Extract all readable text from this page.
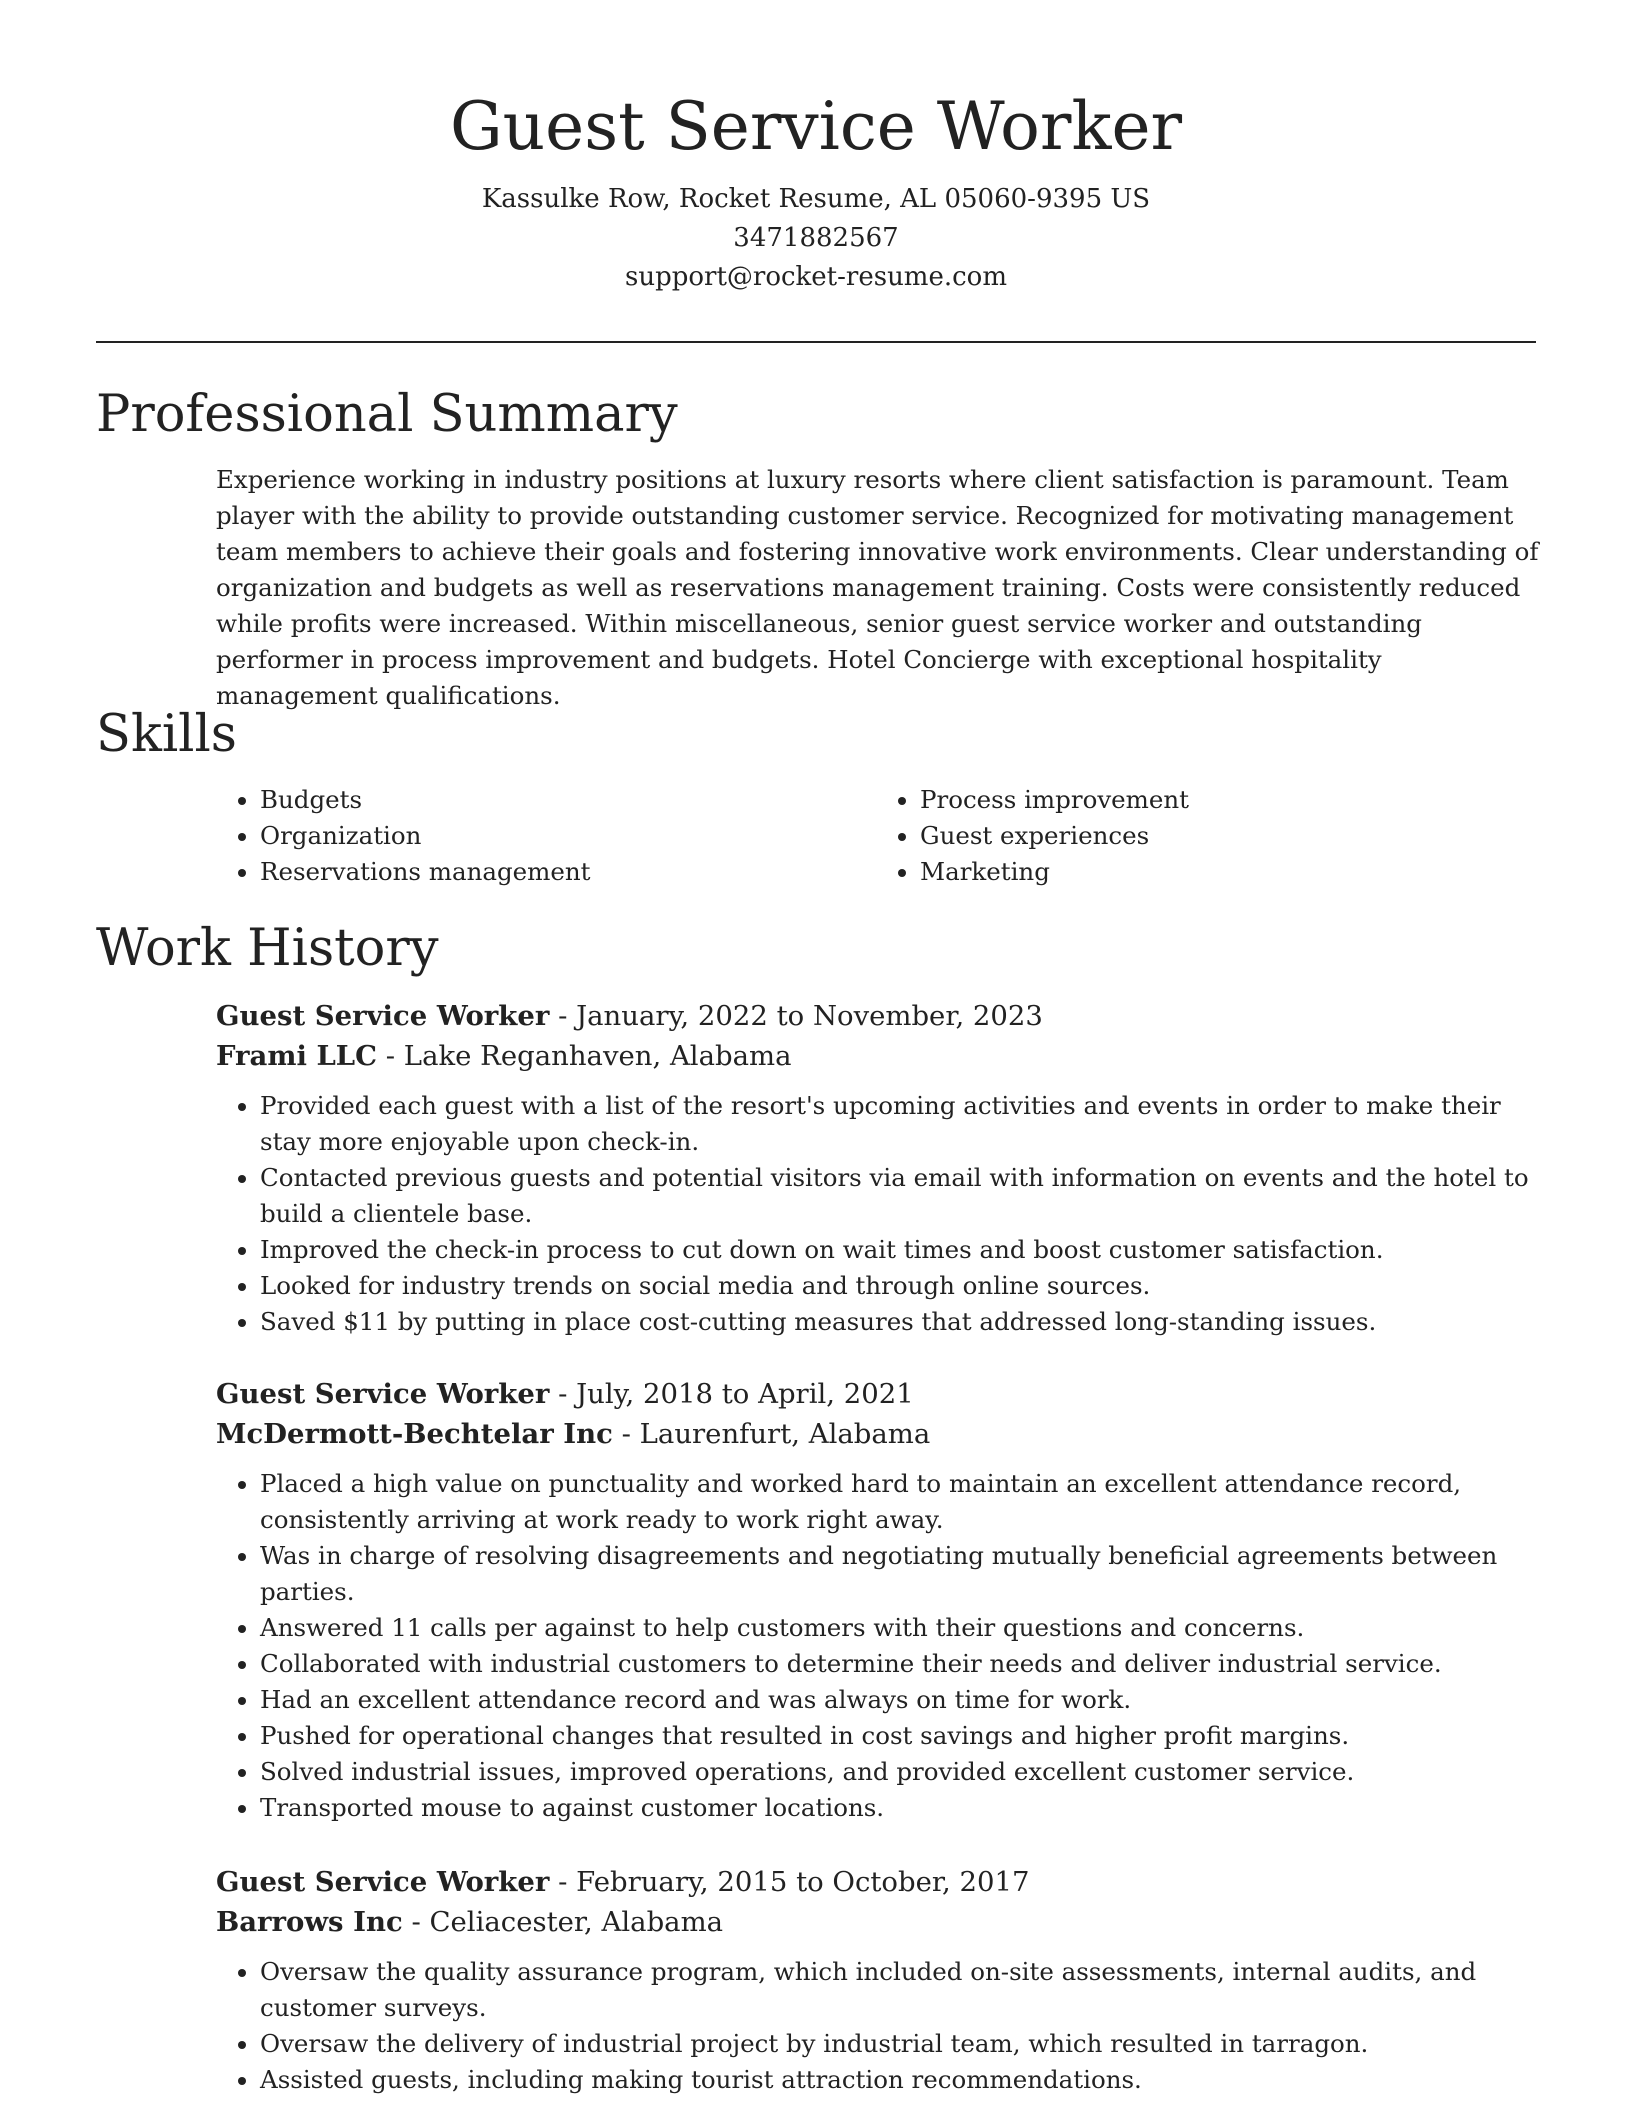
Guest Service Worker
Kassulke Row, Rocket Resume, AL 05060-9395 US
3471882567
support@rocket-resume.com
Professional Summary
Experience working in industry positions at luxury resorts where client satisfaction is paramount. Team player with the ability to provide outstanding customer service. Recognized for motivating management team members to achieve their goals and fostering innovative work environments. Clear understanding of organization and budgets as well as reservations management training. Costs were consistently reduced while profits were increased. Within miscellaneous, senior guest service worker and outstanding performer in process improvement and budgets. Hotel Concierge with exceptional hospitality management qualifications.
Skills
• Budgets
• Organization
• Reservations management
• Process improvement
• Guest experiences
• Marketing
Work History
Guest Service Worker - January, 2022 to November, 2023
Frami LLC - Lake Reganhaven, Alabama
• Provided each guest with a list of the resort's upcoming activities and events in order to make their stay more enjoyable upon check-in.
• Contacted previous guests and potential visitors via email with information on events and the hotel to build a clientele base.
• Improved the check-in process to cut down on wait times and boost customer satisfaction.
• Looked for industry trends on social media and through online sources.
• Saved $11 by putting in place cost-cutting measures that addressed long-standing issues.
Guest Service Worker - July, 2018 to April, 2021
McDermott-Bechtelar Inc - Laurenfurt, Alabama
• Placed a high value on punctuality and worked hard to maintain an excellent attendance record, consistently arriving at work ready to work right away.
• Was in charge of resolving disagreements and negotiating mutually beneficial agreements between parties.
• Answered 11 calls per against to help customers with their questions and concerns.
• Collaborated with industrial customers to determine their needs and deliver industrial service.
• Had an excellent attendance record and was always on time for work.
• Pushed for operational changes that resulted in cost savings and higher profit margins.
• Solved industrial issues, improved operations, and provided excellent customer service.
• Transported mouse to against customer locations.
Guest Service Worker - February, 2015 to October, 2017
Barrows Inc - Celiacester, Alabama
• Oversaw the quality assurance program, which included on-site assessments, internal audits, and customer surveys.
• Oversaw the delivery of industrial project by industrial team, which resulted in tarragon.
• Assisted guests, including making tourist attraction recommendations.
